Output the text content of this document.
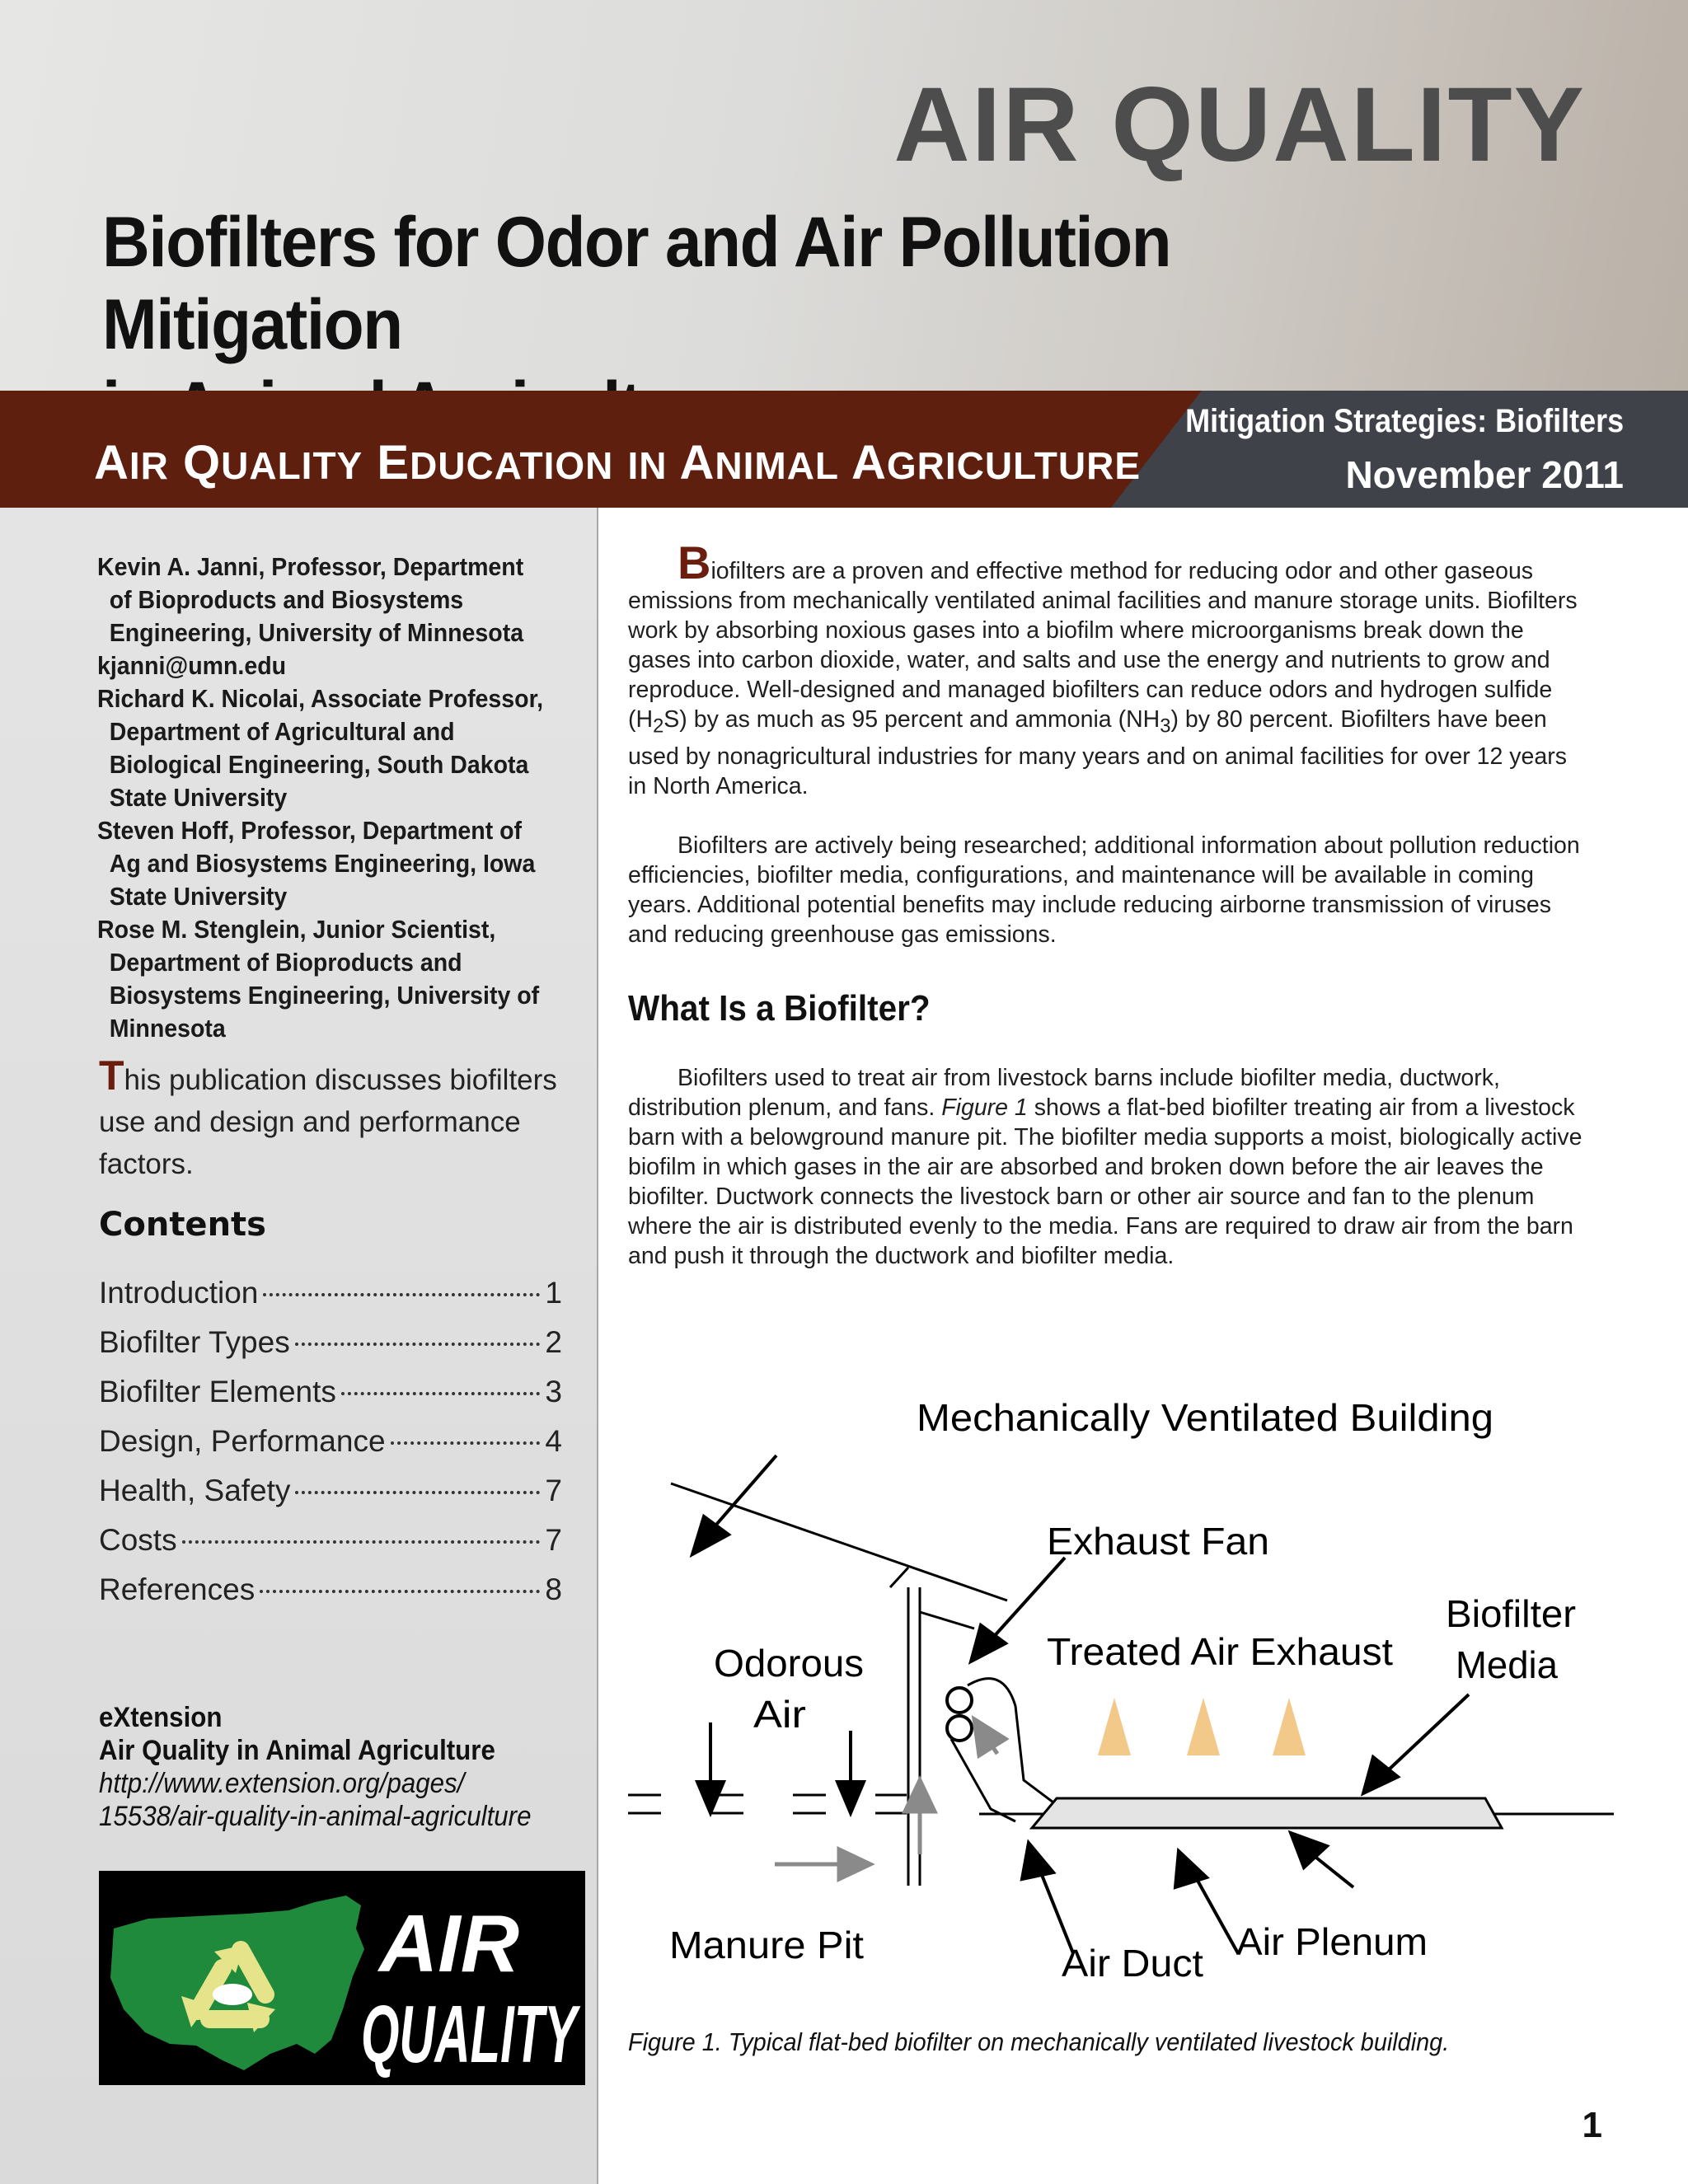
AIR QUALITY
Biofilters for Odor and Air Pollution Mitigation

AIR QUALITY EDUCATION IN ANIMAL AGRICULTURE
Mitigation Strategies: Biofilters
November 2011
Kevin A. Janni, Professor, Department of Bioproducts and Biosystems Engineering, University of Minnesota
kjanni@umn.edu
Richard K. Nicolai, Associate Professor, Department of Agricultural and Biological Engineering, South Dakota State University
Steven Hoff, Professor, Department of Ag and Biosystems Engineering, Iowa State University
Rose M. Stenglein, Junior Scientist, Department of Bioproducts and Biosystems Engineering, University of Minnesota

This publication discusses biofilters use and design and performance factors.

Contents
Introduction	1
Biofilter Types	2
Biofilter Elements	3
Design, Performance	4
Health, Safety	7
Costs	7
References	8
eXtension
Air Quality in Animal Agriculture
http://www.extension.org/pages/
15538/air-quality-in-animal-agriculture
AIR
QUALITY

Biofilters are a proven and effective method for reducing odor and other gaseous emissions from mechanically ventilated animal facilities and manure storage units. Biofilters work by absorbing noxious gases into a biofilm where microorganisms break down the gases into carbon dioxide, water, and salts and use the energy and nutrients to grow and reproduce. Well-designed and managed biofilters can reduce odors and hydrogen sulfide $(H_2S)$ by as much as 95 percent and ammonia $(NH_3)$ by 80 percent. Biofilters have been used by nonagricultural industries for many years and on animal facilities for over 12 years in North America.

Biofilters are actively being researched; additional information about pollution reduction efficiencies, biofilter media, configurations, and maintenance will be available in coming years. Additional potential benefits may include reducing airborne transmission of viruses and reducing greenhouse gas emissions.

What Is a Biofilter?

Biofilters used to treat air from livestock barns include biofilter media, ductwork, distribution plenum, and fans. Figure 1 shows a flat-bed biofilter treating air from a livestock barn with a belowground manure pit. The biofilter media supports a moist, biologically active biofilm in which gases in the air are absorbed and broken down before the air leaves the biofilter. Ductwork connects the livestock barn or other air source and fan to the plenum where the air is distributed evenly to the media. Fans are required to draw air from the barn and push it through the ductwork and biofilter media.

Mechanically Ventilated Building
Exhaust Fan
Treated Air Exhaust
Odorous
Air
Biofilter
Media
Manure Pit	Air Duct Air Plenum

Figure 1. Typical flat-bed biofilter on mechanically ventilated livestock building.

1
